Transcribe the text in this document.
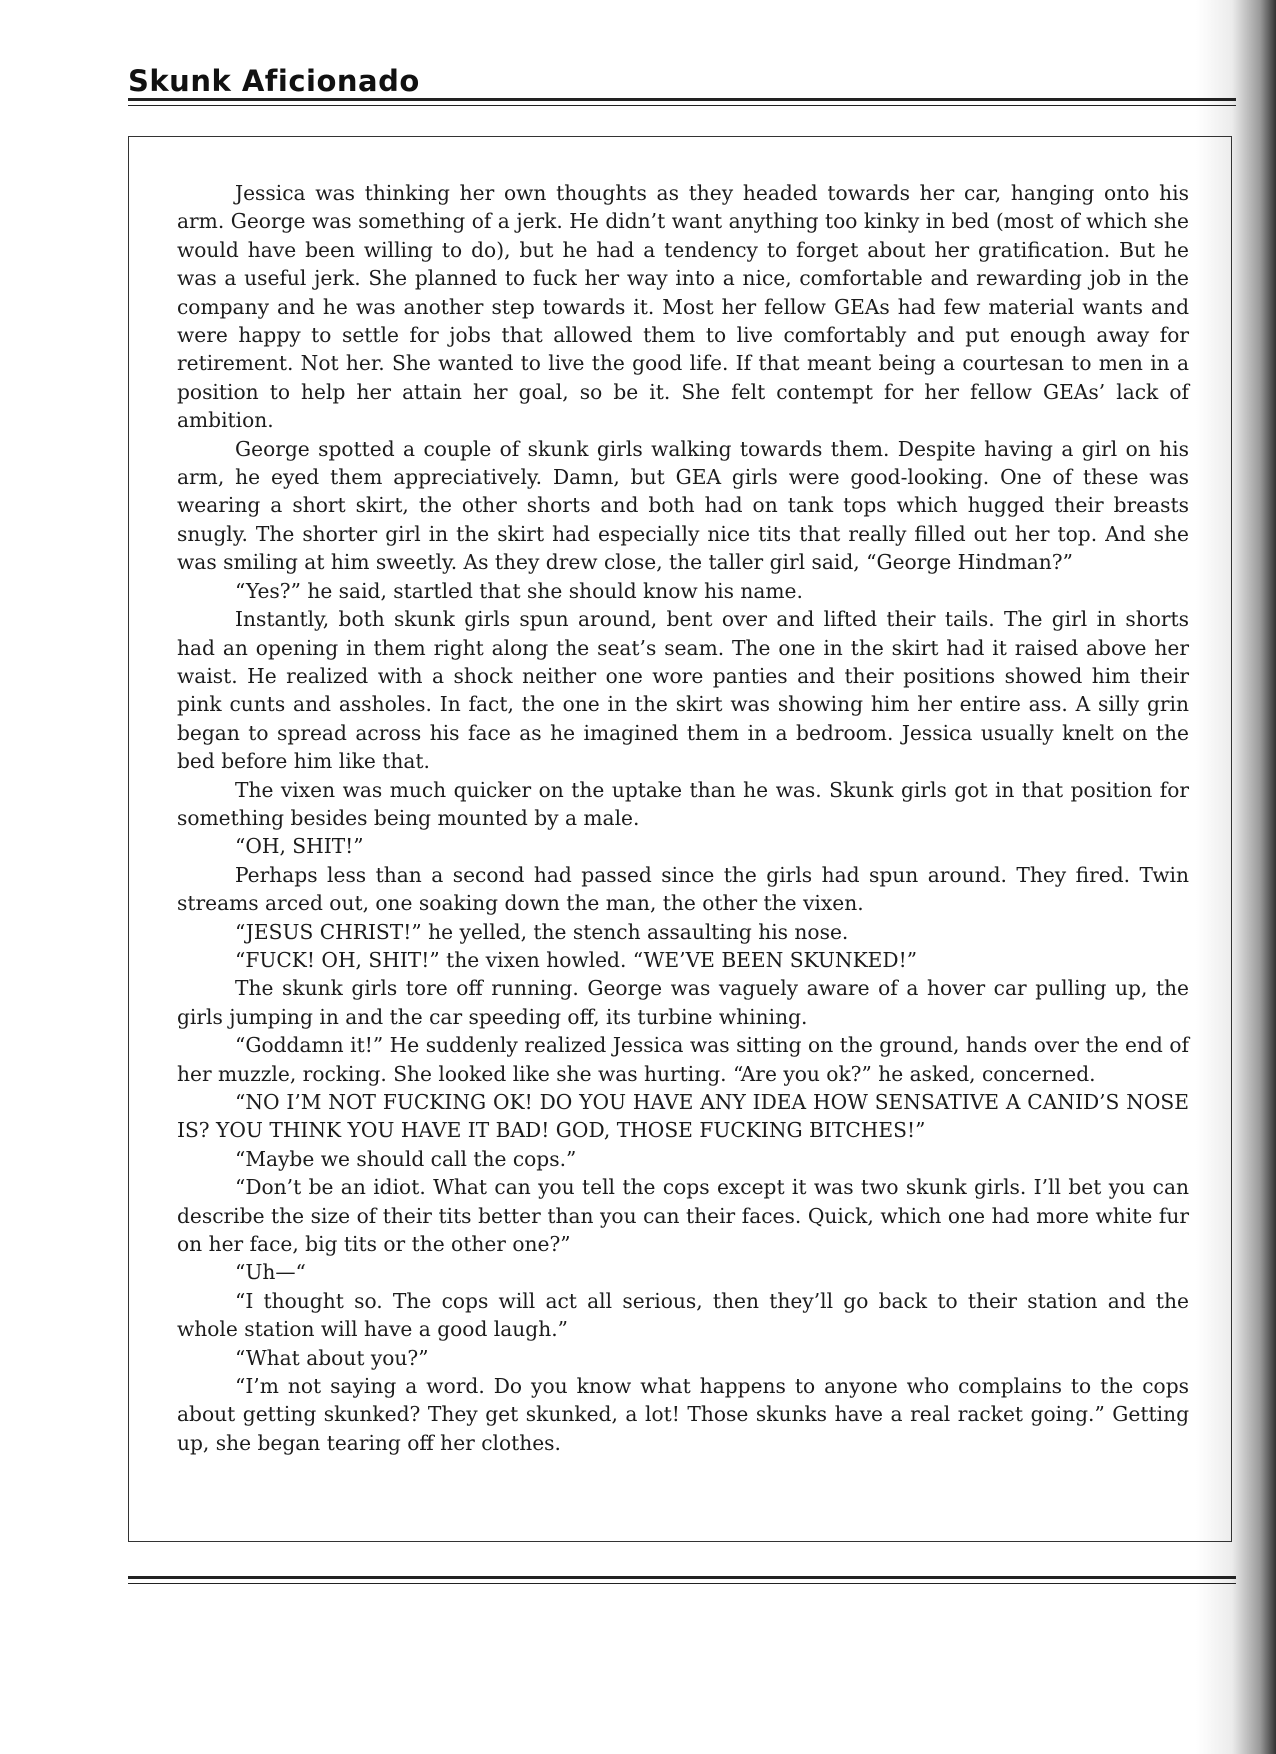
Skunk Aficionado

Jessica was thinking her own thoughts as they headed towards her car, hanging onto his arm. George was something of a jerk. He didn’t want anything too kinky in bed (most of which she would have been willing to do), but he had a tendency to forget about her gratification. But he was a useful jerk. She planned to fuck her way into a nice, comfortable and rewarding job in the company and he was another step towards it. Most her fellow GEAs had few material wants and were happy to settle for jobs that allowed them to live comfortably and put enough away for retirement. Not her. She wanted to live the good life. If that meant being a courtesan to men in a position to help her attain her goal, so be it. She felt contempt for her fellow GEAs’ lack of ambition.

George spotted a couple of skunk girls walking towards them. Despite having a girl on his arm, he eyed them appreciatively. Damn, but GEA girls were good-looking. One of these was wearing a short skirt, the other shorts and both had on tank tops which hugged their breasts snugly. The shorter girl in the skirt had especially nice tits that really filled out her top. And she was smiling at him sweetly. As they drew close, the taller girl said, “George Hindman?”

“Yes?” he said, startled that she should know his name.

Instantly, both skunk girls spun around, bent over and lifted their tails. The girl in shorts had an opening in them right along the seat’s seam. The one in the skirt had it raised above her waist. He realized with a shock neither one wore panties and their positions showed him their pink cunts and assholes. In fact, the one in the skirt was showing him her entire ass. A silly grin began to spread across his face as he imagined them in a bedroom. Jessica usually knelt on the bed before him like that.

The vixen was much quicker on the uptake than he was. Skunk girls got in that position for something besides being mounted by a male.

“OH, SHIT!”

Perhaps less than a second had passed since the girls had spun around. They fired. Twin streams arced out, one soaking down the man, the other the vixen.

“JESUS CHRIST!” he yelled, the stench assaulting his nose.

“FUCK! OH, SHIT!” the vixen howled. “WE’VE BEEN SKUNKED!”

The skunk girls tore off running. George was vaguely aware of a hover car pulling up, the girls jumping in and the car speeding off, its turbine whining.

“Goddamn it!” He suddenly realized Jessica was sitting on the ground, hands over the end of her muzzle, rocking. She looked like she was hurting. “Are you ok?” he asked, concerned.

“NO I’M NOT FUCKING OK! DO YOU HAVE ANY IDEA HOW SENSATIVE A CANID’S NOSE IS? YOU THINK YOU HAVE IT BAD! GOD, THOSE FUCKING BITCHES!”

“Maybe we should call the cops.”

“Don’t be an idiot. What can you tell the cops except it was two skunk girls. I’ll bet you can describe the size of their tits better than you can their faces. Quick, which one had more white fur on her face, big tits or the other one?”

“Uh—“

“I thought so. The cops will act all serious, then they’ll go back to their station and the whole station will have a good laugh.”

“What about you?”

“I’m not saying a word. Do you know what happens to anyone who complains to the cops about getting skunked? They get skunked, a lot! Those skunks have a real racket going.” Getting up, she began tearing off her clothes.
